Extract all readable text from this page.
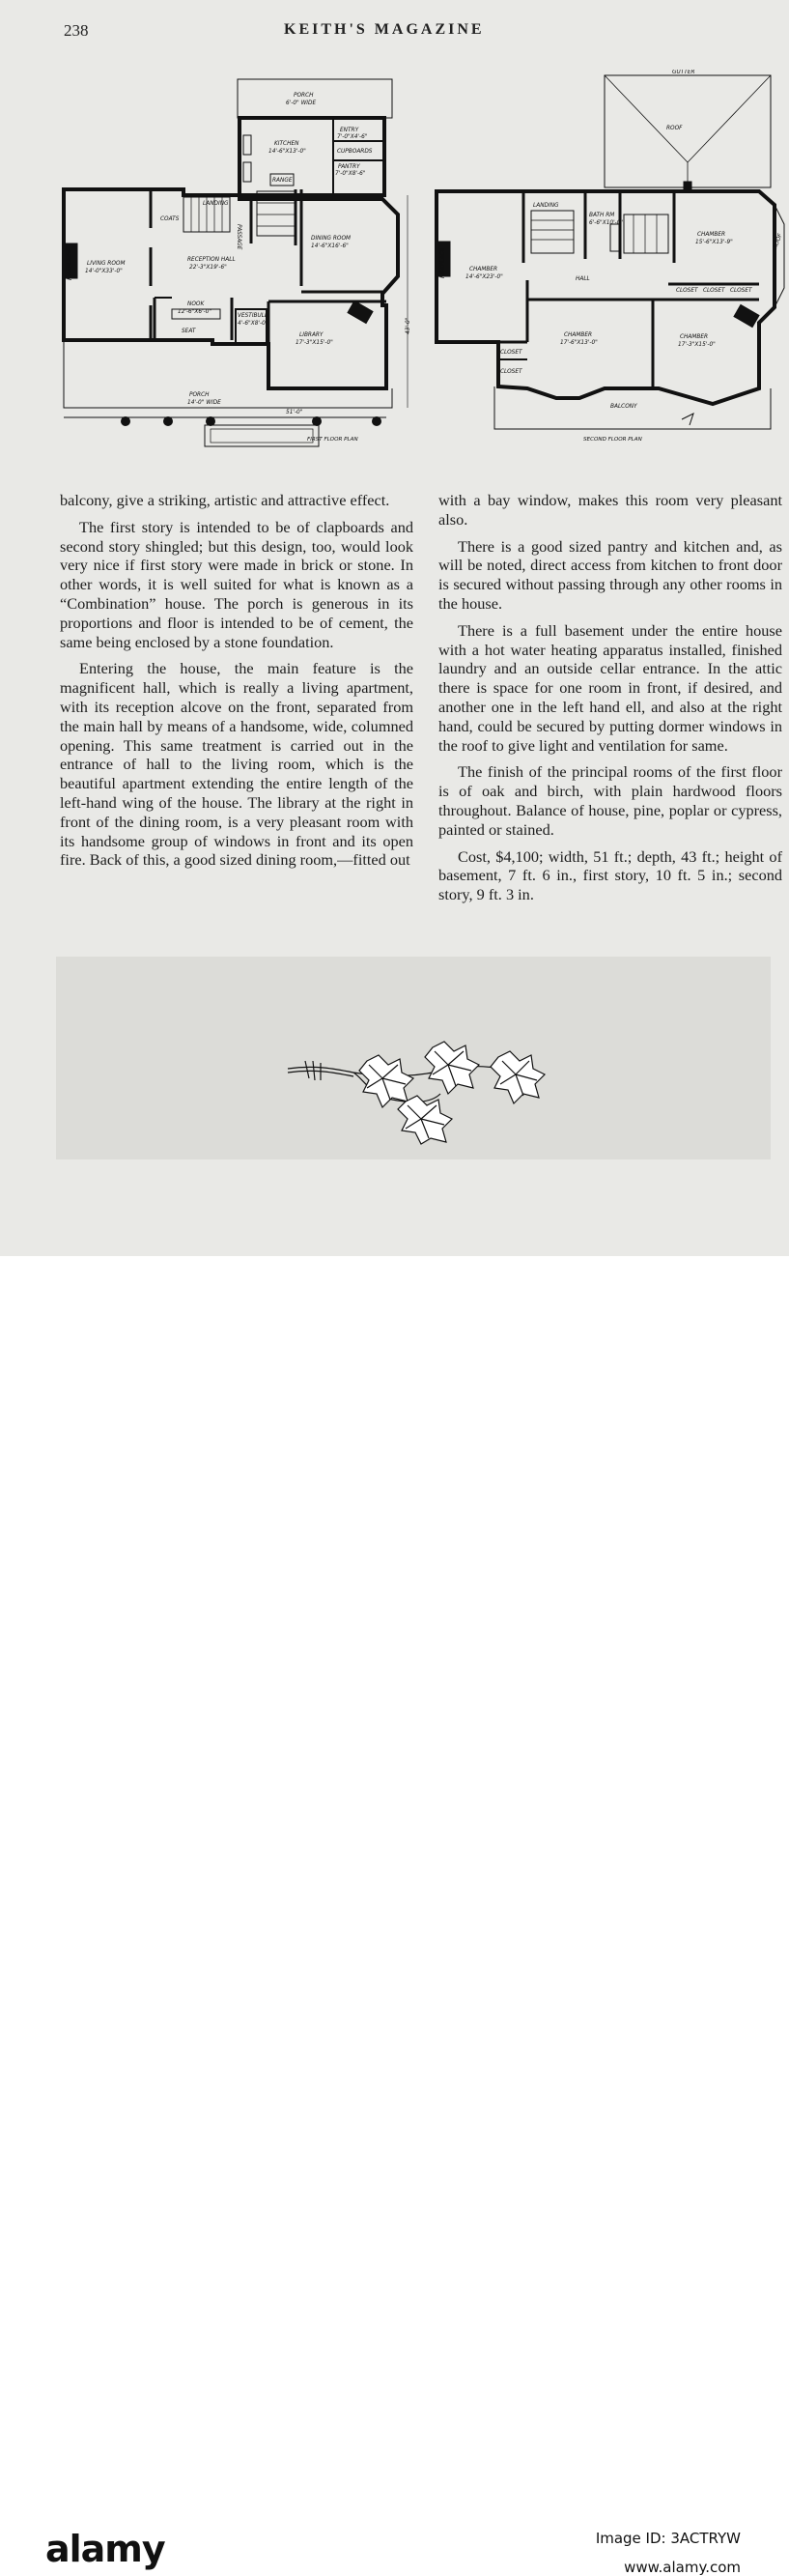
238	KEITH'S MAGAZINE
PORCH
6'-0" WIDE
KITCHEN
14'-6"X13'-0"
ENTRY
7'-0"X4'-6"
CUPBOARDS
PANTRY
7'-0"X8'-6"
RANGE
RECEPTION HALL
22'-3"X19'-6"
LIVING ROOM
14'-0"X33'-0"
DINING ROOM
14'-6"X16'-6"
LIBRARY
17'-3"X15'-0"
NOOK
12'-6"X6'-0"
VESTIBULE
4'-6"X8'-0"
SEAT
COATS
LANDING
PASSAGE
PORCH
14'-0" WIDE
51'-0"
43'-0"
FIREPLACE
FIRST FLOOR PLAN
GUTTER
ROOF
ROOF
LANDING
BATH RM
6'-6"X10'-0"
CHAMBER
14'-6"X23'-0"
CHAMBER
15'-6"X13'-9"
CHAMBER
17'-6"X13'-0"
CHAMBER
17'-3"X15'-0"
HALL
CLOSET CLOSET CLOSET
CLOSET
CLOSET
BALCONY
FIREPLACE
SECOND FLOOR PLAN

balcony, give a striking, artistic and attractive effect.

The first story is intended to be of clapboards and second story shingled; but this design, too, would look very nice if first story were made in brick or stone. In other words, it is well suited for what is known as a “Combination” house. The porch is generous in its proportions and floor is intended to be of cement, the same being enclosed by a stone foundation.

Entering the house, the main feature is the magnificent hall, which is really a living apartment, with its reception alcove on the front, separated from the main hall by means of a handsome, wide, columned opening. This same treatment is carried out in the entrance of hall to the living room, which is the beautiful apartment extending the entire length of the left-hand wing of the house. The library at the right in front of the dining room, is a very pleasant room with its handsome group of windows in front and its open fire. Back of this, a good sized dining room,—fitted out

with a bay window, makes this room very pleasant also.

There is a good sized pantry and kitchen and, as will be noted, direct access from kitchen to front door is secured without passing through any other rooms in the house.

There is a full basement under the entire house with a hot water heating apparatus installed, finished laundry and an outside cellar entrance. In the attic there is space for one room in front, if desired, and another one in the left hand ell, and also at the right hand, could be secured by putting dormer windows in the roof to give light and ventilation for same.

The finish of the principal rooms of the first floor is of oak and birch, with plain hardwood floors throughout. Balance of house, pine, poplar or cypress, painted or stained.

Cost, $4,100; width, 51 ft.; depth, 43 ft.; height of basement, 7 ft. 6 in., first story, 10 ft. 5 in.; second story, 9 ft. 3 in.

alamy	Image ID: 3ACTRYW
www.alamy.com
